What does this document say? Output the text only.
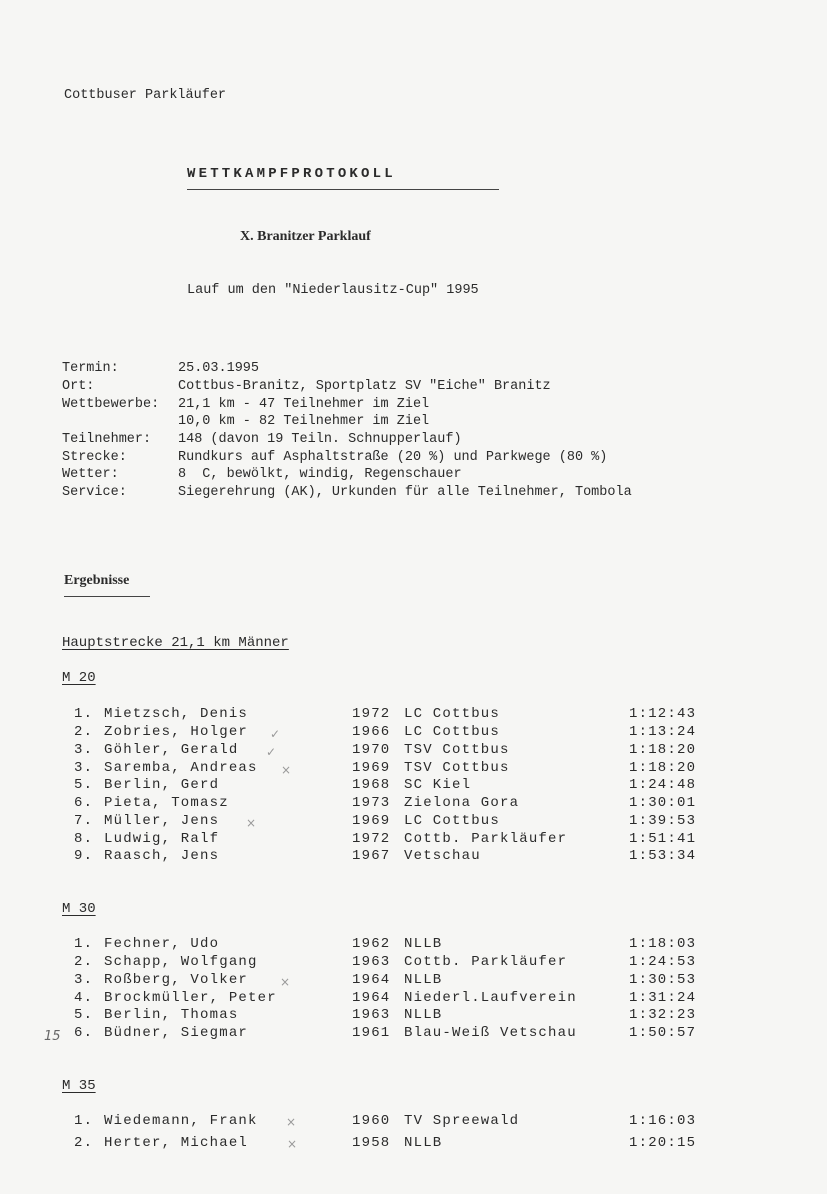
Cottbuser Parkläufer
WETTKAMPFPROTOKOLL
X. Branitzer Parklauf
Lauf um den "Niederlausitz-Cup" 1995
Termin:	25.03.1995
Ort:	Cottbus-Branitz, Sportplatz SV "Eiche" Branitz
Wettbewerbe: 21,1 km - 47 Teilnehmer im Ziel
10,0 km - 82 Teilnehmer im Ziel
Teilnehmer: 148 (davon 19 Teiln. Schnupperlauf)
Strecke:	Rundkurs auf Asphaltstraße (20 %) und Parkwege (80 %)
Wetter:	8  C, bewölkt, windig, Regenschauer
Service:	Siegerehrung (AK), Urkunden für alle Teilnehmer, Tombola
Ergebnisse
Hauptstrecke 21,1 km Männer
M 20
1. Mietzsch, Denis	1972 LC Cottbus	1:12:43
2. Zobries, Holger ✓	1966 LC Cottbus	1:13:24
3. Göhler, Gerald ✓	1970 TSV Cottbus	1:18:20
3. Saremba, Andreas ×	1969 TSV Cottbus	1:18:20
5. Berlin, Gerd	1968 SC Kiel	1:24:48
6. Pieta, Tomasz	1973 Zielona Gora	1:30:01
7. Müller, Jens ×	1969 LC Cottbus	1:39:53
8. Ludwig, Ralf	1972 Cottb. Parkläufer	1:51:41
9. Raasch, Jens	1967 Vetschau	1:53:34
M 30
1. Fechner, Udo	1962 NLLB	1:18:03
2. Schapp, Wolfgang	1963 Cottb. Parkläufer	1:24:53
3. Roßberg, Volker	×	1964 NLLB	1:30:53
4. Brockmüller, Peter	1964 Niederl.Laufverein	1:31:24
5. Berlin, Thomas	1963 NLLB	1:32:23
15 6. Büdner, Siegmar	1961 Blau-Weiß Vetschau	1:50:57
M 35
1. Wiedemann, Frank ×	1960 TV Spreewald	1:16:03
2. Herter, Michael	×	1958 NLLB	1:20:15
